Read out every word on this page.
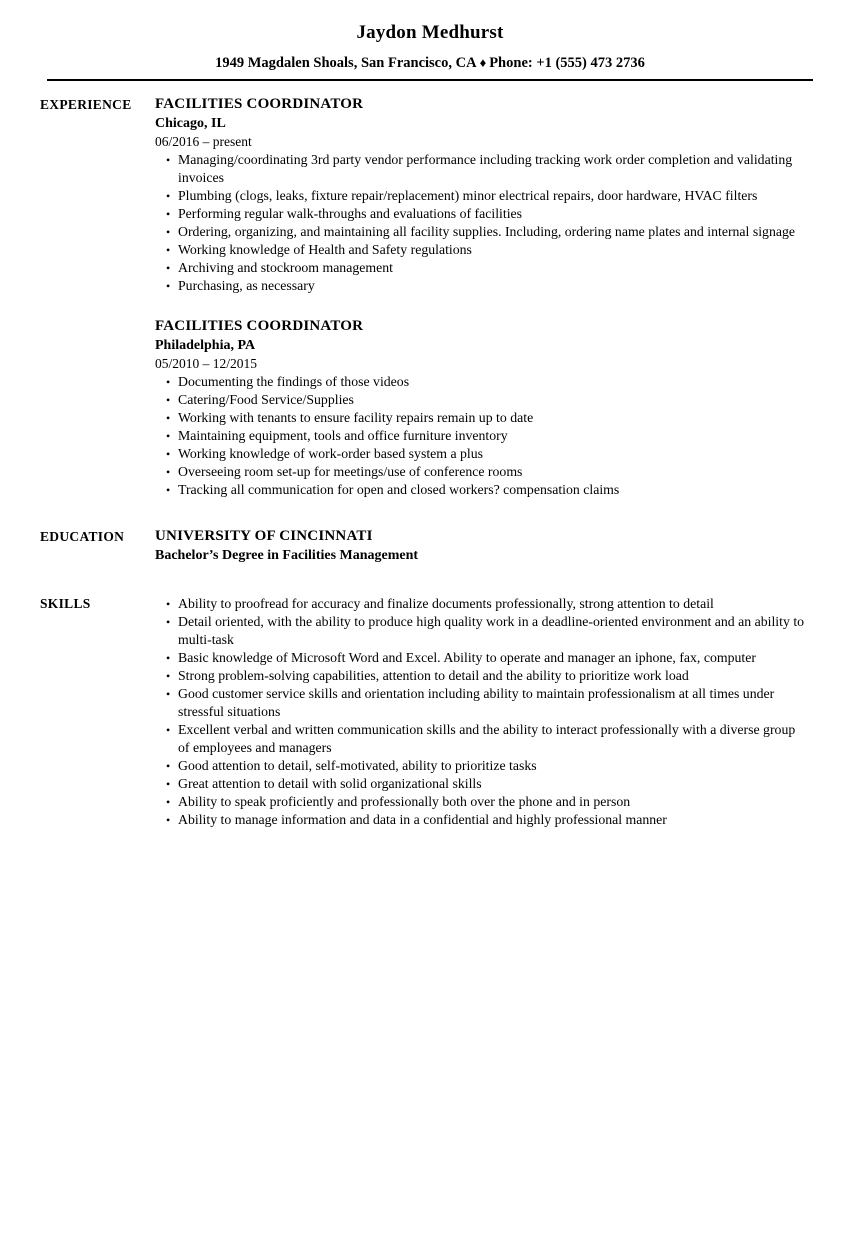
Jaydon Medhurst
1949 Magdalen Shoals, San Francisco, CA ♦ Phone: +1 (555) 473 2736
EXPERIENCE	FACILITIES COORDINATOR
Chicago, IL
06/2016 – present
• Managing/coordinating 3rd party vendor performance including tracking work order completion and validating invoices
• Plumbing (clogs, leaks, fixture repair/replacement) minor electrical repairs, door hardware, HVAC filters
• Performing regular walk-throughs and evaluations of facilities
• Ordering, organizing, and maintaining all facility supplies. Including, ordering name plates and internal signage
• Working knowledge of Health and Safety regulations
• Archiving and stockroom management
• Purchasing, as necessary
FACILITIES COORDINATOR
Philadelphia, PA
05/2010 – 12/2015
• Documenting the findings of those videos
• Catering/Food Service/Supplies
• Working with tenants to ensure facility repairs remain up to date
• Maintaining equipment, tools and office furniture inventory
• Working knowledge of work-order based system a plus
• Overseeing room set-up for meetings/use of conference rooms
• Tracking all communication for open and closed workers? compensation claims
EDUCATION	UNIVERSITY OF CINCINNATI
Bachelor’s Degree in Facilities Management
SKILLS	• Ability to proofread for accuracy and finalize documents professionally, strong attention to detail
• Detail oriented, with the ability to produce high quality work in a deadline-oriented environment and an ability to multi-task
• Basic knowledge of Microsoft Word and Excel. Ability to operate and manager an iphone, fax, computer
• Strong problem-solving capabilities, attention to detail and the ability to prioritize work load
• Good customer service skills and orientation including ability to maintain professionalism at all times under stressful situations
• Excellent verbal and written communication skills and the ability to interact professionally with a diverse group of employees and managers
• Good attention to detail, self-motivated, ability to prioritize tasks
• Great attention to detail with solid organizational skills
• Ability to speak proficiently and professionally both over the phone and in person
• Ability to manage information and data in a confidential and highly professional manner
